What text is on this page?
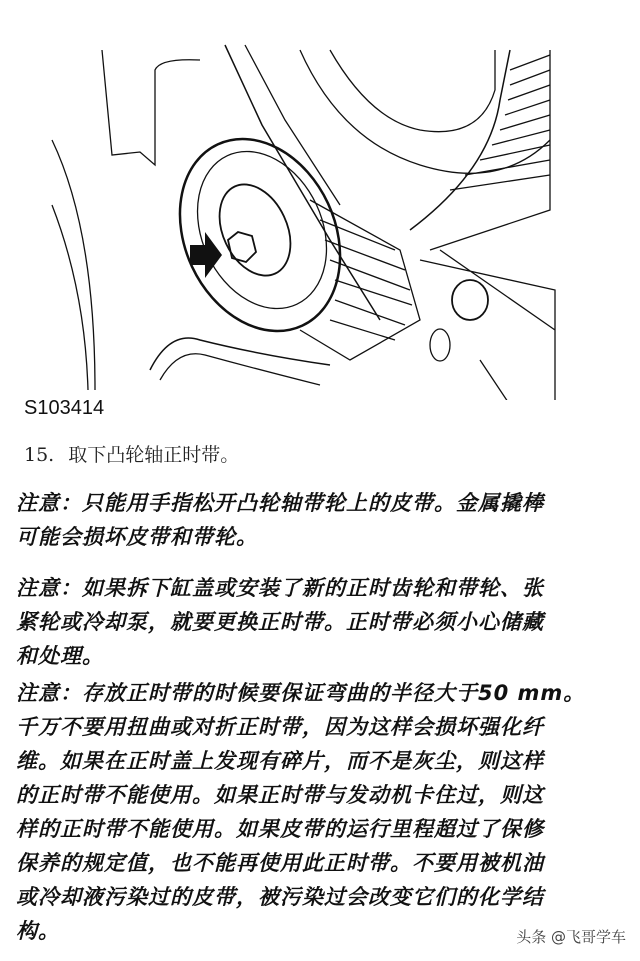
S103414
15. 取下凸轮轴正时带。
注意：只能用手指松开凸轮轴带轮上的皮带。金属撬棒
可能会损坏皮带和带轮。
注意：如果拆下缸盖或安装了新的正时齿轮和带轮、张
紧轮或冷却泵，就要更换正时带。正时带必须小心储藏
和处理。
注意：存放正时带的时候要保证弯曲的半径大于50 mm。
千万不要用扭曲或对折正时带，因为这样会损坏强化纤
维。如果在正时盖上发现有碎片，而不是灰尘，则这样
的正时带不能使用。如果正时带与发动机卡住过，则这
样的正时带不能使用。如果皮带的运行里程超过了保修
保养的规定值，也不能再使用此正时带。不要用被机油
或冷却液污染过的皮带，被污染过会改变它们的化学结
构。	头条 @飞哥学车
